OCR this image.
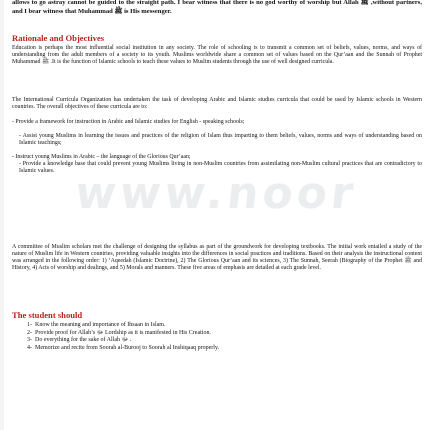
www.noor

allows to go astray cannot be guided to the straight path. I bear witness that there is no god worthy of worship but Allah ﷺ ,without partners, and I bear witness that Muhammad ﷺ is His messenger.

Rationale and Objectives

Education is perhaps the most influential social institution in any society. The role of schooling is to transmit a common set of beliefs, values, norms, and ways of understanding from the adult members of a society to its youth. Muslims worldwide share a common set of values based on the Qur’aan and the Sunnah of Prophet Muhammad ﷺ .It is the function of Islamic schools to teach these values to Muslim students through the use of well designed curricula.

The International Curricula Organization has undertaken the task of developing Arabic and Islamic studies curricula that could be used by Islamic schools in Western countries. The overall objectives of these curricula are to:

- Provide a framework for instruction in Arabic and Islamic studies for English - speaking schools;

- Assist young Muslims in learning the issues and practices of the religion of Islam thus imparting to them beliefs, values, norms and ways of understanding based on Islamic teachings;

- Instruct young Muslims in Arabic – the language of the Glorious Qur’aan;

- Provide a knowledge base that could prevent young Muslims living in non-Muslim countries from assimilating non-Muslim cultural practices that are contradictory to Islamic values.

A committee of Muslim scholars met the challenge of designing the syllabus as part of the groundwork for developing textbooks. The initial work entailed a study of the nature of Muslim life in Western countries, providing valuable insights into the differences in social practices and traditions. Based on their analysis the instructional content was arranged in the following order: 1) ‘Aqeedah (Islamic Doctrine), 2) The Glorious Qur’aan and its sciences, 3) The Sunnah, Seerah (Biography of the Prophet ﷺ and History, 4) Acts of worship and dealings, and 5) Morals and manners. These five areas of emphasis are detailed at each grade level.

The student should
1- Know the meaning and importance of Ihsaan in Islam.
2- Provide proof for Allah’s ﷻ Lordship as it is manifested in His Creation.
3- Do everything for the sake of Allah ﷻ .
4- Memorize and recite from Soorah al-Burooj to Soorah al Inshiqaaq properly.
